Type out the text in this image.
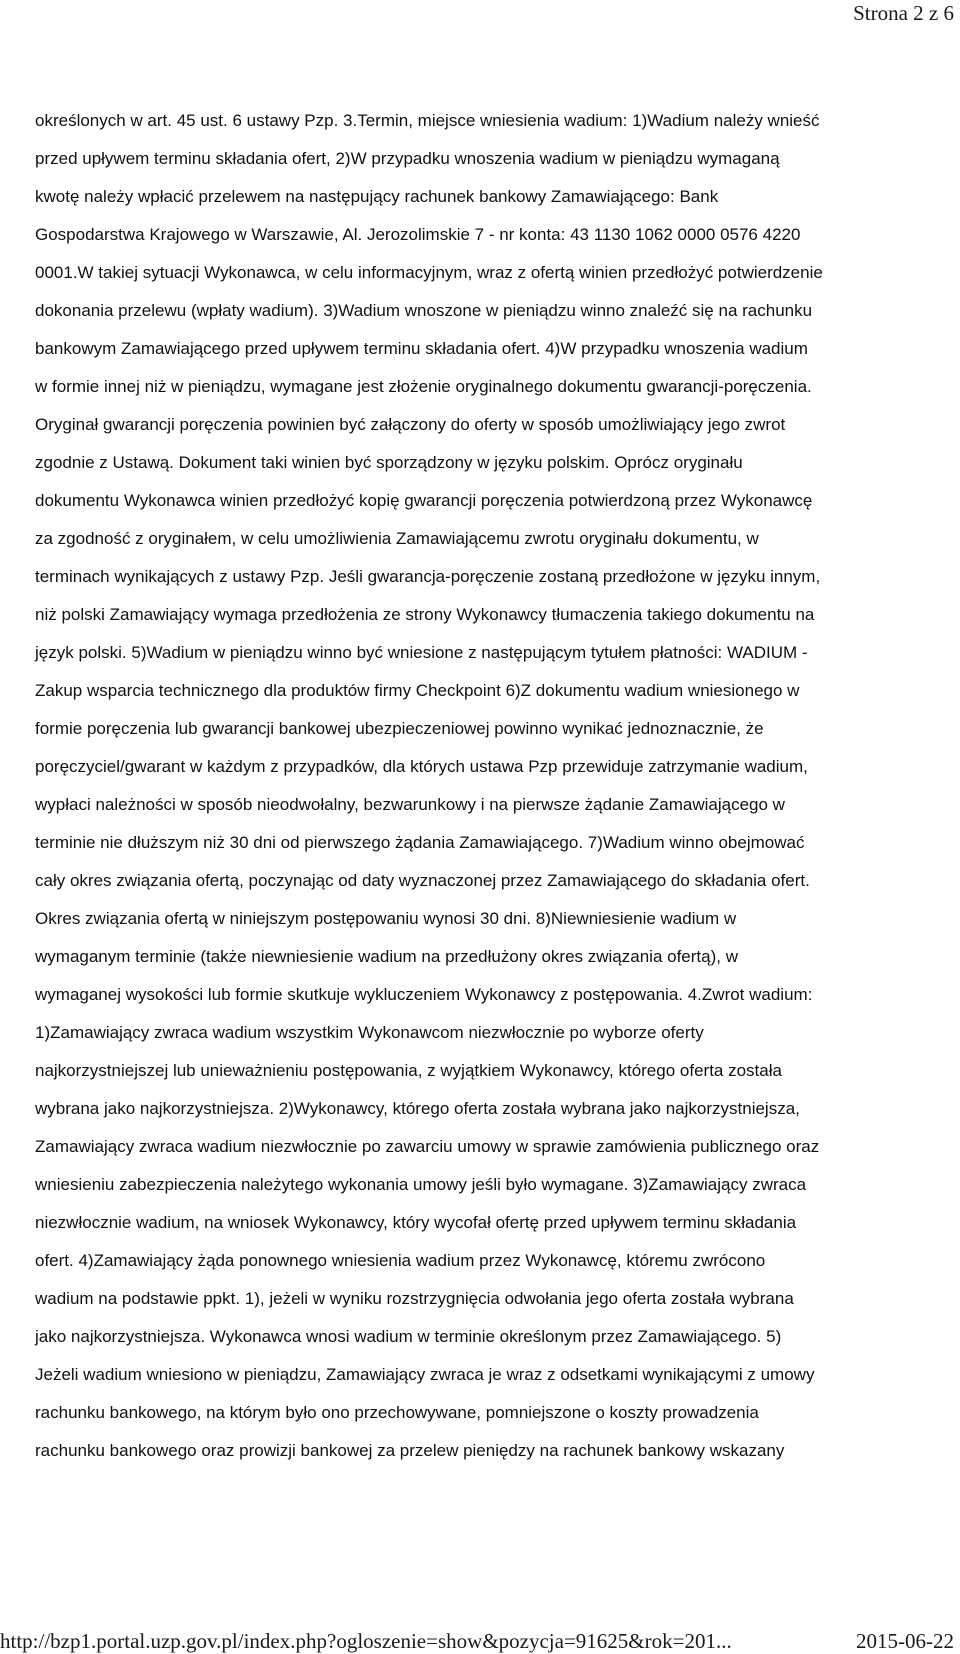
Strona 2 z 6
określonych w art. 45 ust. 6 ustawy Pzp. 3.Termin, miejsce wniesienia wadium: 1)Wadium należy wnieść
przed upływem terminu składania ofert, 2)W przypadku wnoszenia wadium w pieniądzu wymaganą
kwotę należy wpłacić przelewem na następujący rachunek bankowy Zamawiającego: Bank
Gospodarstwa Krajowego w Warszawie, Al. Jerozolimskie 7 - nr konta: 43 1130 1062 0000 0576 4220
0001.W takiej sytuacji Wykonawca, w celu informacyjnym, wraz z ofertą winien przedłożyć potwierdzenie
dokonania przelewu (wpłaty wadium). 3)Wadium wnoszone w pieniądzu winno znaleźć się na rachunku
bankowym Zamawiającego przed upływem terminu składania ofert. 4)W przypadku wnoszenia wadium
w formie innej niż w pieniądzu, wymagane jest złożenie oryginalnego dokumentu gwarancji-poręczenia.
Oryginał gwarancji poręczenia powinien być załączony do oferty w sposób umożliwiający jego zwrot
zgodnie z Ustawą. Dokument taki winien być sporządzony w języku polskim. Oprócz oryginału
dokumentu Wykonawca winien przedłożyć kopię gwarancji poręczenia potwierdzoną przez Wykonawcę
za zgodność z oryginałem, w celu umożliwienia Zamawiającemu zwrotu oryginału dokumentu, w
terminach wynikających z ustawy Pzp. Jeśli gwarancja-poręczenie zostaną przedłożone w języku innym,
niż polski Zamawiający wymaga przedłożenia ze strony Wykonawcy tłumaczenia takiego dokumentu na
język polski. 5)Wadium w pieniądzu winno być wniesione z następującym tytułem płatności: WADIUM -
Zakup wsparcia technicznego dla produktów firmy Checkpoint 6)Z dokumentu wadium wniesionego w
formie poręczenia lub gwarancji bankowej ubezpieczeniowej powinno wynikać jednoznacznie, że
poręczyciel/gwarant w każdym z przypadków, dla których ustawa Pzp przewiduje zatrzymanie wadium,
wypłaci należności w sposób nieodwołalny, bezwarunkowy i na pierwsze żądanie Zamawiającego w
terminie nie dłuższym niż 30 dni od pierwszego żądania Zamawiającego. 7)Wadium winno obejmować
cały okres związania ofertą, poczynając od daty wyznaczonej przez Zamawiającego do składania ofert.
Okres związania ofertą w niniejszym postępowaniu wynosi 30 dni. 8)Niewniesienie wadium w
wymaganym terminie (także niewniesienie wadium na przedłużony okres związania ofertą), w
wymaganej wysokości lub formie skutkuje wykluczeniem Wykonawcy z postępowania. 4.Zwrot wadium:
1)Zamawiający zwraca wadium wszystkim Wykonawcom niezwłocznie po wyborze oferty
najkorzystniejszej lub unieważnieniu postępowania, z wyjątkiem Wykonawcy, którego oferta została
wybrana jako najkorzystniejsza. 2)Wykonawcy, którego oferta została wybrana jako najkorzystniejsza,
Zamawiający zwraca wadium niezwłocznie po zawarciu umowy w sprawie zamówienia publicznego oraz
wniesieniu zabezpieczenia należytego wykonania umowy jeśli było wymagane. 3)Zamawiający zwraca
niezwłocznie wadium, na wniosek Wykonawcy, który wycofał ofertę przed upływem terminu składania
ofert. 4)Zamawiający żąda ponownego wniesienia wadium przez Wykonawcę, któremu zwrócono
wadium na podstawie ppkt. 1), jeżeli w wyniku rozstrzygnięcia odwołania jego oferta została wybrana
jako najkorzystniejsza. Wykonawca wnosi wadium w terminie określonym przez Zamawiającego. 5)
Jeżeli wadium wniesiono w pieniądzu, Zamawiający zwraca je wraz z odsetkami wynikającymi z umowy
rachunku bankowego, na którym było ono przechowywane, pomniejszone o koszty prowadzenia
rachunku bankowego oraz prowizji bankowej za przelew pieniędzy na rachunek bankowy wskazany
http://bzp1.portal.uzp.gov.pl/index.php?ogloszenie=show&pozycja=91625&rok=201...	2015-06-22
